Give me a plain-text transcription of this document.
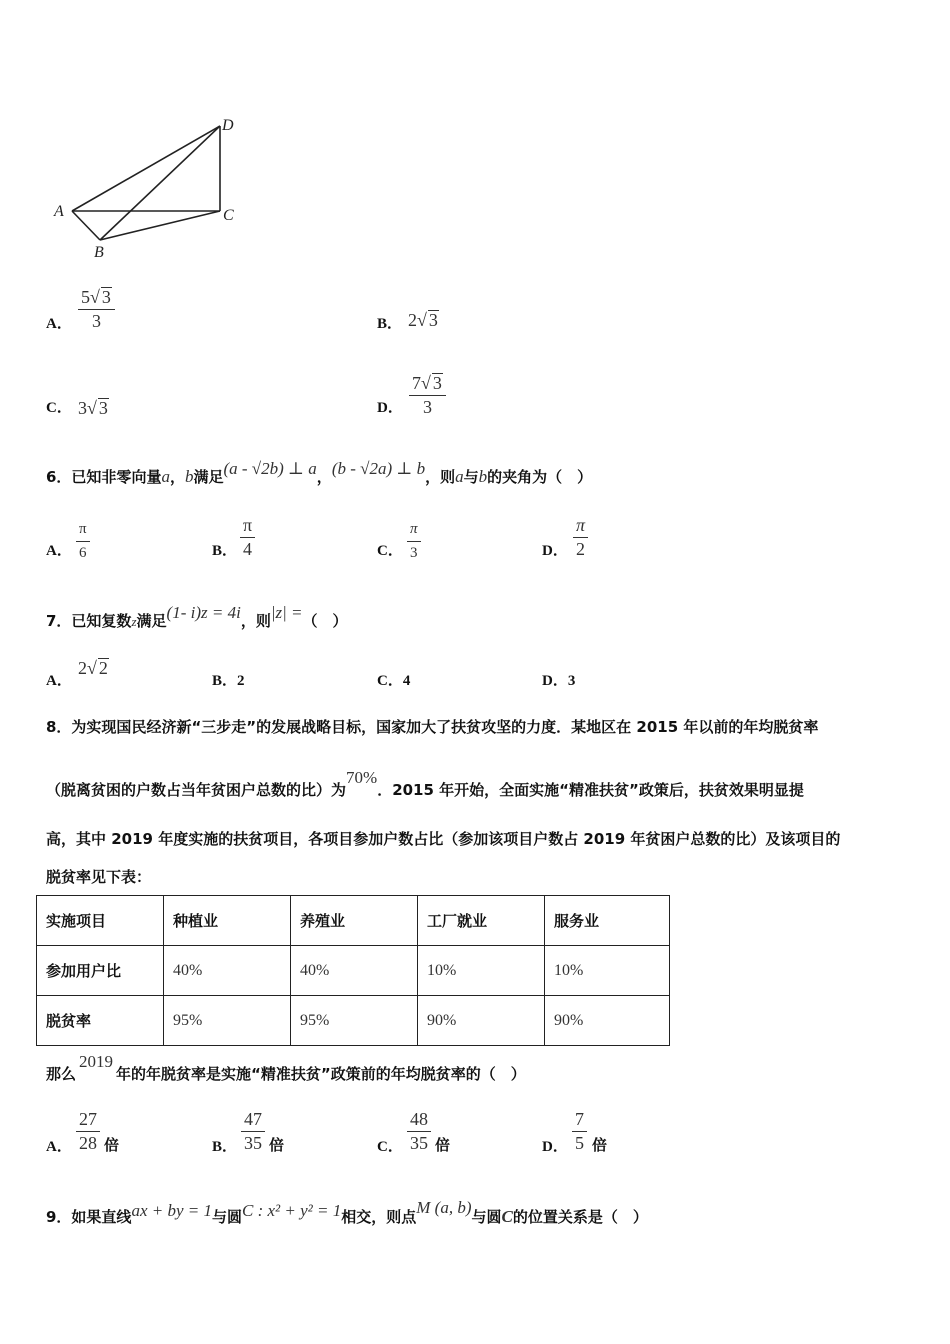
D
A	C
B
A． $\frac{5√ 3}{3}$	B． 2√ 3
C． 3√ 3	D． $\frac{7√ 3}{3}$
6．已知非零向量a，b满足(a - √2b) ⊥ a，(b - √2a) ⊥ b，则a与b的夹角为（　）
A． $\frac{\pi}{6}$	B． $\frac{\pi}{4}$	C． $\frac{\pi}{3}$	D． $\frac{\pi}{2}$
7．已知复数z满足(1- i)z = 4i，则|z| =（　）
A．
2√ 2
B．2	C．4	D．3
8．为实现国民经济新“三步走”的发展战略目标，国家加大了扶贫攻坚的力度．某地区在 2015 年以前的年均脱贫率
（脱离贫困的户数占当年贫困户总数的比）为70%．2015 年开始，全面实施“精准扶贫”政策后，扶贫效果明显提
高，其中 2019 年度实施的扶贫项目，各项目参加户数占比（参加该项目户数占 2019 年贫困户总数的比）及该项目的
脱贫率见下表：
实施项目	种植业	养殖业	工厂就业	服务业
参加用户比	40%	40%	10%	10%
脱贫率	95%	95%	90%	90%
那么2019年的年脱贫率是实施“精准扶贫”政策前的年均脱贫率的（　）
A． $\frac{27}{28}$ 倍	B． $\frac{47}{35}$ 倍	C． $\frac{48}{35}$ 倍	D． $\frac{7}{5}$ 倍
9．如果直线ax + by = 1与圆C : x² + y² = 1相交，则点M (a, b)与圆C的位置关系是（　）
